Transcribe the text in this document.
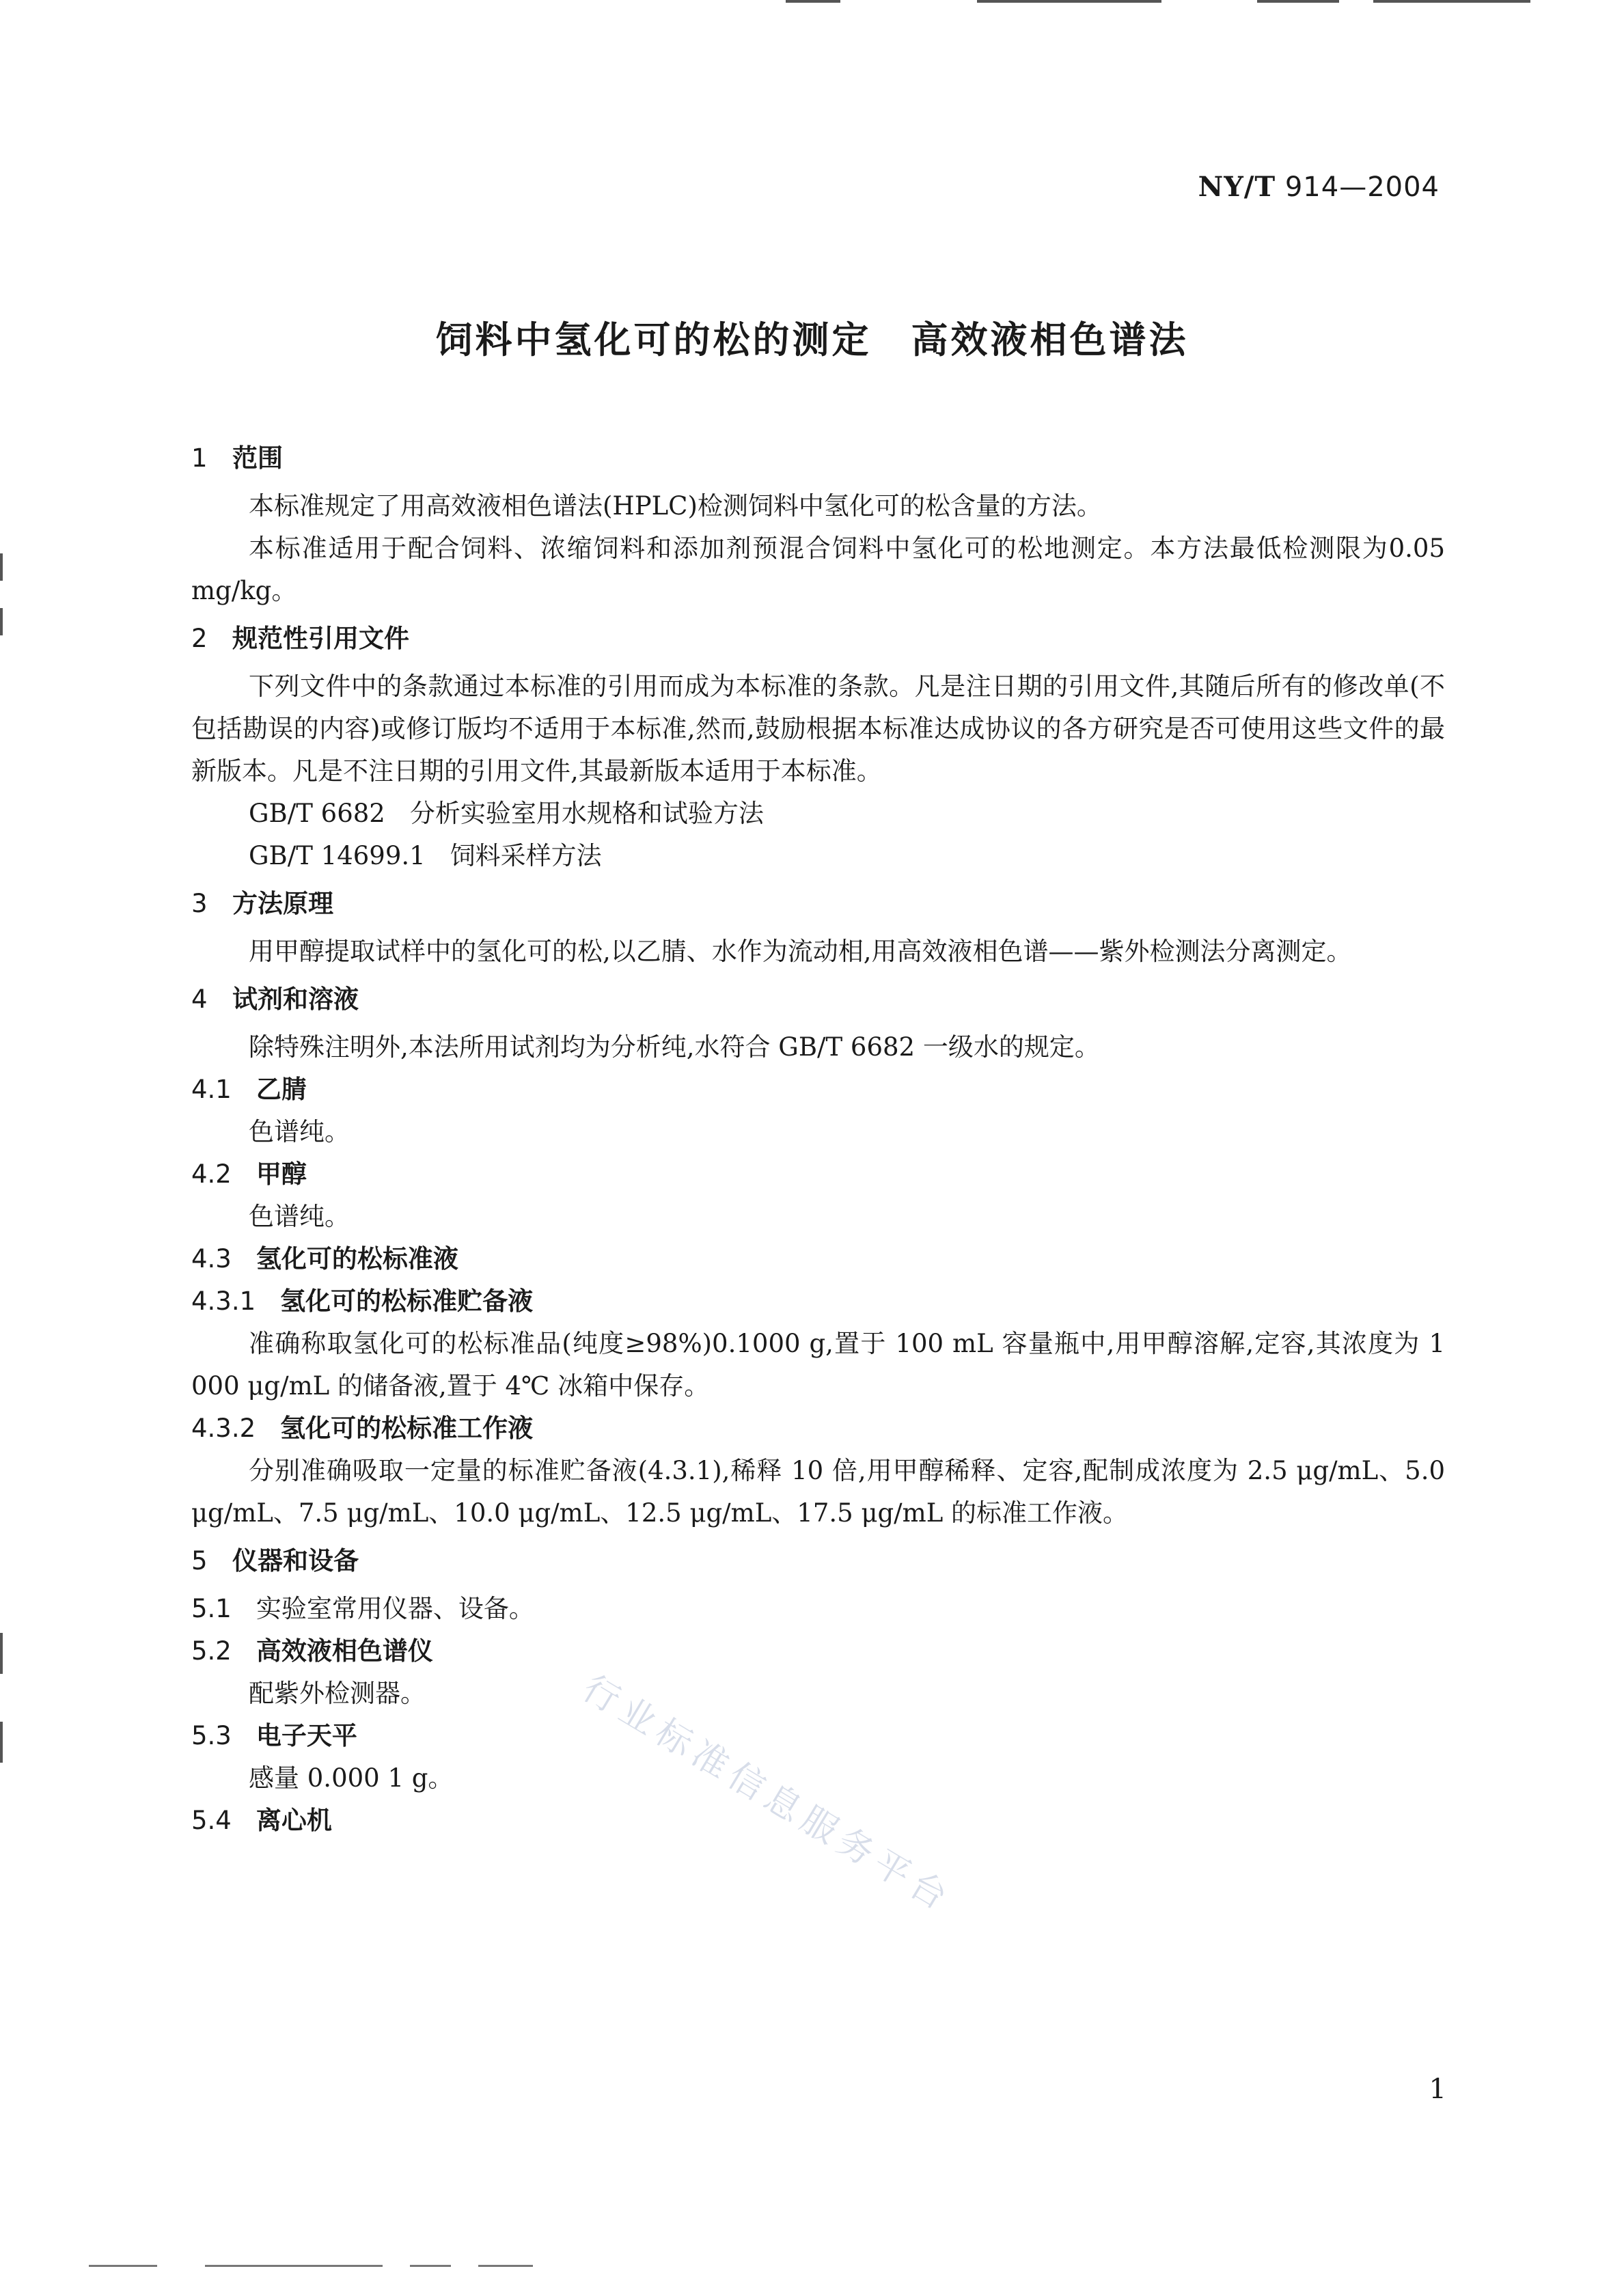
NY/T 914—2004
饲料中氢化可的松的测定　高效液相色谱法
1 范围

本标准规定了用高效液相色谱法(HPLC)检测饲料中氢化可的松含量的方法。

本标准适用于配合饲料、浓缩饲料和添加剂预混合饲料中氢化可的松地测定。本方法最低检测限为0.05 mg/kg。

2 规范性引用文件

下列文件中的条款通过本标准的引用而成为本标准的条款。凡是注日期的引用文件,其随后所有的修改单(不包括勘误的内容)或修订版均不适用于本标准,然而,鼓励根据本标准达成协议的各方研究是否可使用这些文件的最新版本。凡是不注日期的引用文件,其最新版本适用于本标准。

GB/T 6682 分析实验室用水规格和试验方法

GB/T 14699.1 饲料采样方法

3 方法原理

用甲醇提取试样中的氢化可的松,以乙腈、水作为流动相,用高效液相色谱——紫外检测法分离测定。

4 试剂和溶液

除特殊注明外,本法所用试剂均为分析纯,水符合 GB/T 6682 一级水的规定。

4.1 乙腈

色谱纯。

4.2 甲醇

色谱纯。

4.3 氢化可的松标准液
4.3.1 氢化可的松标准贮备液

准确称取氢化可的松标准品(纯度≥98%)0.1000 g,置于 100 mL 容量瓶中,用甲醇溶解,定容,其浓度为 1 000 μg/mL 的储备液,置于 4℃ 冰箱中保存。

4.3.2 氢化可的松标准工作液

分别准确吸取一定量的标准贮备液(4.3.1),稀释 10 倍,用甲醇稀释、定容,配制成浓度为 2.5 μg/mL、5.0 μg/mL、7.5 μg/mL、10.0 μg/mL、12.5 μg/mL、17.5 μg/mL 的标准工作液。

5 仪器和设备
5.1 实验室常用仪器、设备。
5.2 高效液相色谱仪

配紫外检测器。

5.3 电子天平

感量 0.000 1 g。

5.4 离心机	行业标准信息服务平台
1
